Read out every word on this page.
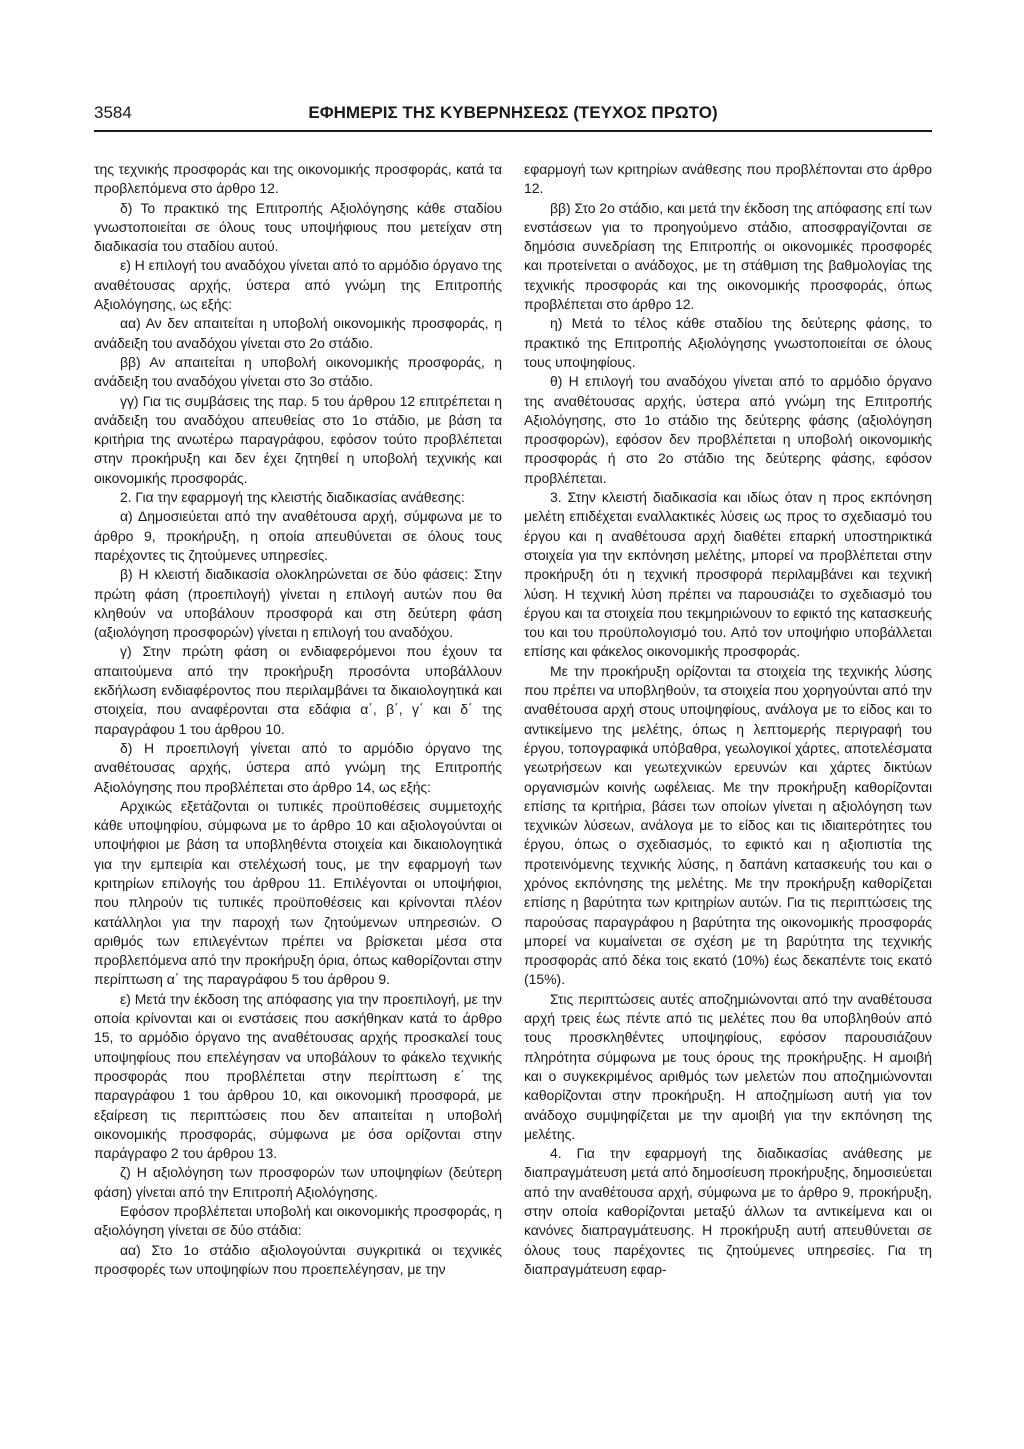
3584	ΕΦΗΜΕΡΙΣ ΤΗΣ ΚΥΒΕΡΝΗΣΕΩΣ (ΤΕΥΧΟΣ ΠΡΩΤΟ)

της τεχνικής προσφοράς και της οικονομικής προσφοράς, κατά τα προβλεπόμενα στο άρθρο 12.

δ) Το πρακτικό της Επιτροπής Αξιολόγησης κάθε σταδίου γνωστοποιείται σε όλους τους υποψήφιους που μετείχαν στη διαδικασία του σταδίου αυτού.

ε) Η επιλογή του αναδόχου γίνεται από το αρμόδιο όργανο της αναθέτουσας αρχής, ύστερα από γνώμη της Επιτροπής Αξιολόγησης, ως εξής:

αα) Αν δεν απαιτείται η υποβολή οικονομικής προσφοράς, η ανάδειξη του αναδόχου γίνεται στο 2ο στάδιο.

ββ) Αν απαιτείται η υποβολή οικονομικής προσφοράς, η ανάδειξη του αναδόχου γίνεται στο 3ο στάδιο.

γγ) Για τις συμβάσεις της παρ. 5 του άρθρου 12 επιτρέπεται η ανάδειξη του αναδόχου απευθείας στο 1ο στάδιο, με βάση τα κριτήρια της ανωτέρω παραγράφου, εφόσον τούτο προβλέπεται στην προκήρυξη και δεν έχει ζητηθεί η υποβολή τεχνικής και οικονομικής προσφοράς.

2. Για την εφαρμογή της κλειστής διαδικασίας ανάθεσης:

α) Δημοσιεύεται από την αναθέτουσα αρχή, σύμφωνα με το άρθρο 9, προκήρυξη, η οποία απευθύνεται σε όλους τους παρέχοντες τις ζητούμενες υπηρεσίες.

β) Η κλειστή διαδικασία ολοκληρώνεται σε δύο φάσεις: Στην πρώτη φάση (προεπιλογή) γίνεται η επιλογή αυτών που θα κληθούν να υποβάλουν προσφορά και στη δεύτερη φάση (αξιολόγηση προσφορών) γίνεται η επιλογή του αναδόχου.

γ) Στην πρώτη φάση οι ενδιαφερόμενοι που έχουν τα απαιτούμενα από την προκήρυξη προσόντα υποβάλλουν εκδήλωση ενδιαφέροντος που περιλαμβάνει τα δικαιολογητικά και στοιχεία, που αναφέρονται στα εδάφια α΄, β΄, γ΄ και δ΄ της παραγράφου 1 του άρθρου 10.

δ) Η προεπιλογή γίνεται από το αρμόδιο όργανο της αναθέτουσας αρχής, ύστερα από γνώμη της Επιτροπής Αξιολόγησης που προβλέπεται στο άρθρο 14, ως εξής:

Αρχικώς εξετάζονται οι τυπικές προϋποθέσεις συμμετοχής κάθε υποψηφίου, σύμφωνα με το άρθρο 10 και αξιολογούνται οι υποψήφιοι με βάση τα υποβληθέντα στοιχεία και δικαιολογητικά για την εμπειρία και στελέχωσή τους, με την εφαρμογή των κριτηρίων επιλογής του άρθρου 11. Επιλέγονται οι υποψήφιοι, που πληρούν τις τυπικές προϋποθέσεις και κρίνονται πλέον κατάλληλοι για την παροχή των ζητούμενων υπηρεσιών. Ο αριθμός των επιλεγέντων πρέπει να βρίσκεται μέσα στα προβλεπόμενα από την προκήρυξη όρια, όπως καθορίζονται στην περίπτωση α΄ της παραγράφου 5 του άρθρου 9.

ε) Μετά την έκδοση της απόφασης για την προεπιλογή, με την οποία κρίνονται και οι ενστάσεις που ασκήθηκαν κατά το άρθρο 15, το αρμόδιο όργανο της αναθέτουσας αρχής προσκαλεί τους υποψηφίους που επελέγησαν να υποβάλουν το φάκελο τεχνικής προσφοράς που προβλέπεται στην περίπτωση ε΄ της παραγράφου 1 του άρθρου 10, και οικονομική προσφορά, με εξαίρεση τις περιπτώσεις που δεν απαιτείται η υποβολή οικονομικής προσφοράς, σύμφωνα με όσα ορίζονται στην παράγραφο 2 του άρθρου 13.

ζ) Η αξιολόγηση των προσφορών των υποψηφίων (δεύτερη φάση) γίνεται από την Επιτροπή Αξιολόγησης.

Εφόσον προβλέπεται υποβολή και οικονομικής προσφοράς, η αξιολόγηση γίνεται σε δύο στάδια:

αα) Στο 1ο στάδιο αξιολογούνται συγκριτικά οι τεχνικές προσφορές των υποψηφίων που προεπελέγησαν, με την

εφαρμογή των κριτηρίων ανάθεσης που προβλέπονται στο άρθρο 12.

ββ) Στο 2ο στάδιο, και μετά την έκδοση της απόφασης επί των ενστάσεων για το προηγούμενο στάδιο, αποσφραγίζονται σε δημόσια συνεδρίαση της Επιτροπής οι οικονομικές προσφορές και προτείνεται ο ανάδοχος, με τη στάθμιση της βαθμολογίας της τεχνικής προσφοράς και της οικονομικής προσφοράς, όπως προβλέπεται στο άρθρο 12.

η) Μετά το τέλος κάθε σταδίου της δεύτερης φάσης, το πρακτικό της Επιτροπής Αξιολόγησης γνωστοποιείται σε όλους τους υποψηφίους.

θ) Η επιλογή του αναδόχου γίνεται από το αρμόδιο όργανο της αναθέτουσας αρχής, ύστερα από γνώμη της Επιτροπής Αξιολόγησης, στο 1ο στάδιο της δεύτερης φάσης (αξιολόγηση προσφορών), εφόσον δεν προβλέπεται η υποβολή οικονομικής προσφοράς ή στο 2ο στάδιο της δεύτερης φάσης, εφόσον προβλέπεται.

3. Στην κλειστή διαδικασία και ιδίως όταν η προς εκπόνηση μελέτη επιδέχεται εναλλακτικές λύσεις ως προς το σχεδιασμό του έργου και η αναθέτουσα αρχή διαθέτει επαρκή υποστηρικτικά στοιχεία για την εκπόνηση μελέτης, μπορεί να προβλέπεται στην προκήρυξη ότι η τεχνική προσφορά περιλαμβάνει και τεχνική λύση. Η τεχνική λύση πρέπει να παρουσιάζει το σχεδιασμό του έργου και τα στοιχεία που τεκμηριώνουν το εφικτό της κατασκευής του και του προϋπολογισμό του. Από τον υποψήφιο υποβάλλεται επίσης και φάκελος οικονομικής προσφοράς.

Με την προκήρυξη ορίζονται τα στοιχεία της τεχνικής λύσης που πρέπει να υποβληθούν, τα στοιχεία που χορηγούνται από την αναθέτουσα αρχή στους υποψηφίους, ανάλογα με το είδος και το αντικείμενο της μελέτης, όπως η λεπτομερής περιγραφή του έργου, τοπογραφικά υπόβαθρα, γεωλογικοί χάρτες, αποτελέσματα γεωτρήσεων και γεωτεχνικών ερευνών και χάρτες δικτύων οργανισμών κοινής ωφέλειας. Με την προκήρυξη καθορίζονται επίσης τα κριτήρια, βάσει των οποίων γίνεται η αξιολόγηση των τεχνικών λύσεων, ανάλογα με το είδος και τις ιδιαιτερότητες του έργου, όπως ο σχεδιασμός, το εφικτό και η αξιοπιστία της προτεινόμενης τεχνικής λύσης, η δαπάνη κατασκευής του και ο χρόνος εκπόνησης της μελέτης. Με την προκήρυξη καθορίζεται επίσης η βαρύτητα των κριτηρίων αυτών. Για τις περιπτώσεις της παρούσας παραγράφου η βαρύτητα της οικονομικής προσφοράς μπορεί να κυμαίνεται σε σχέση με τη βαρύτητα της τεχνικής προσφοράς από δέκα τοις εκατό (10%) έως δεκαπέντε τοις εκατό (15%).

Στις περιπτώσεις αυτές αποζημιώνονται από την αναθέτουσα αρχή τρεις έως πέντε από τις μελέτες που θα υποβληθούν από τους προσκληθέντες υποψηφίους, εφόσον παρουσιάζουν πληρότητα σύμφωνα με τους όρους της προκήρυξης. Η αμοιβή και ο συγκεκριμένος αριθμός των μελετών που αποζημιώνονται καθορίζονται στην προκήρυξη. Η αποζημίωση αυτή για τον ανάδοχο συμψηφίζεται με την αμοιβή για την εκπόνηση της μελέτης.

4. Για την εφαρμογή της διαδικασίας ανάθεσης με διαπραγμάτευση μετά από δημοσίευση προκήρυξης, δημοσιεύεται από την αναθέτουσα αρχή, σύμφωνα με το άρθρο 9, προκήρυξη, στην οποία καθορίζονται μεταξύ άλλων τα αντικείμενα και οι κανόνες διαπραγμάτευσης. Η προκήρυξη αυτή απευθύνεται σε όλους τους παρέχοντες τις ζητούμενες υπηρεσίες. Για τη διαπραγμάτευση εφαρ-
